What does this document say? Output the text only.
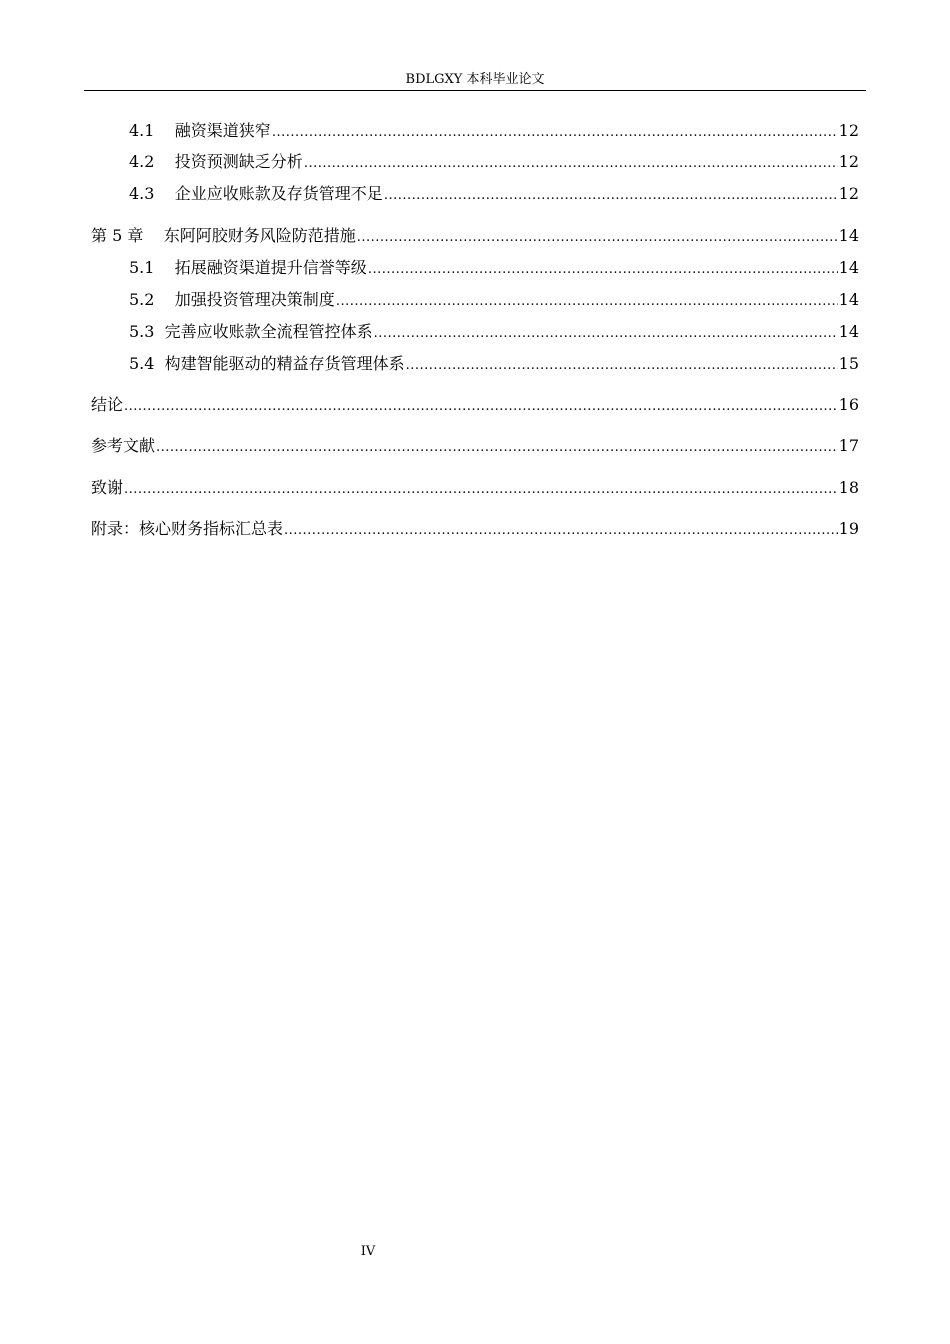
BDLGXY 本科毕业论文
4.1 融资渠道狭窄 .....	12
4.2 投资预测缺乏分析 .....	12
4.3 企业应收账款及存货管理不足 .....	12
第 5 章 东阿阿胶财务风险防范措施 .....	14
5.1 拓展融资渠道提升信誉等级 .....	14
5.2 加强投资管理决策制度 .....	14
5.3 完善应收账款全流程管控体系 .....	14
5.4 构建智能驱动的精益存货管理体系 .....	15
结论 .....	16
参考文献 .....	17
致谢 .....	18
附录：核心财务指标汇总表 .....	19
IV
